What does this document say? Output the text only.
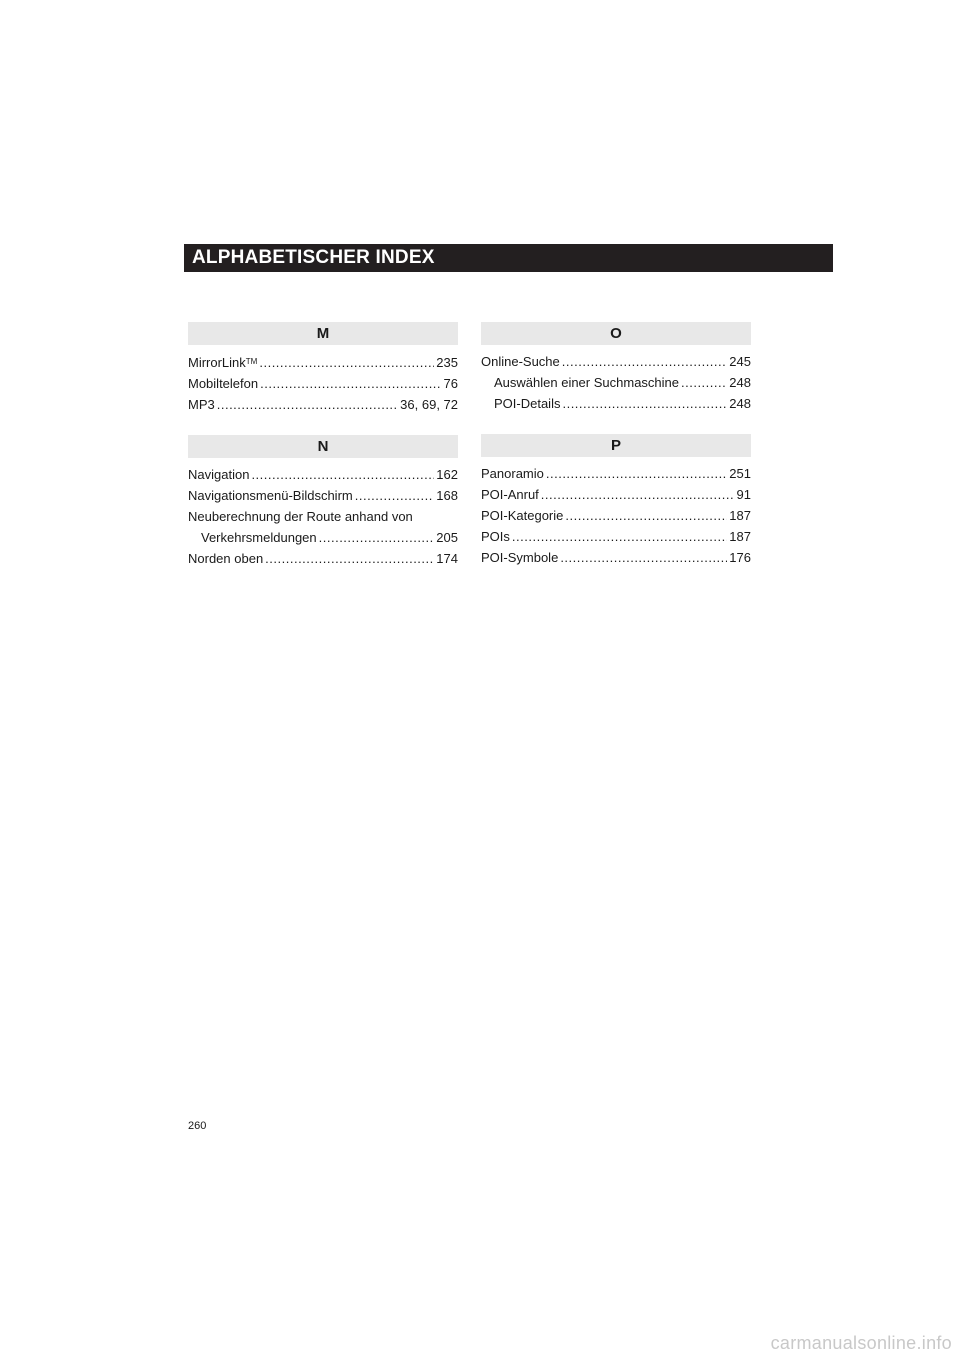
ALPHABETISCHER INDEX
M
MirrorLink™ .....	235
Mobiltelefon .....	76
MP3 .....	36, 69, 72
N
Navigation .....	162
Navigationsmenü-Bildschirm .....	168
Neuberechnung der Route anhand von
Verkehrsmeldungen .....	205
Norden oben .....	174
O
Online-Suche .....	245
Auswählen einer Suchmaschine .....	248
POI-Details .....	248
P
Panoramio .....	251
POI-Anruf .....	91
POI-Kategorie .....	187
POIs .....	187
POI-Symbole .....	176
260
carmanualsonline.info
